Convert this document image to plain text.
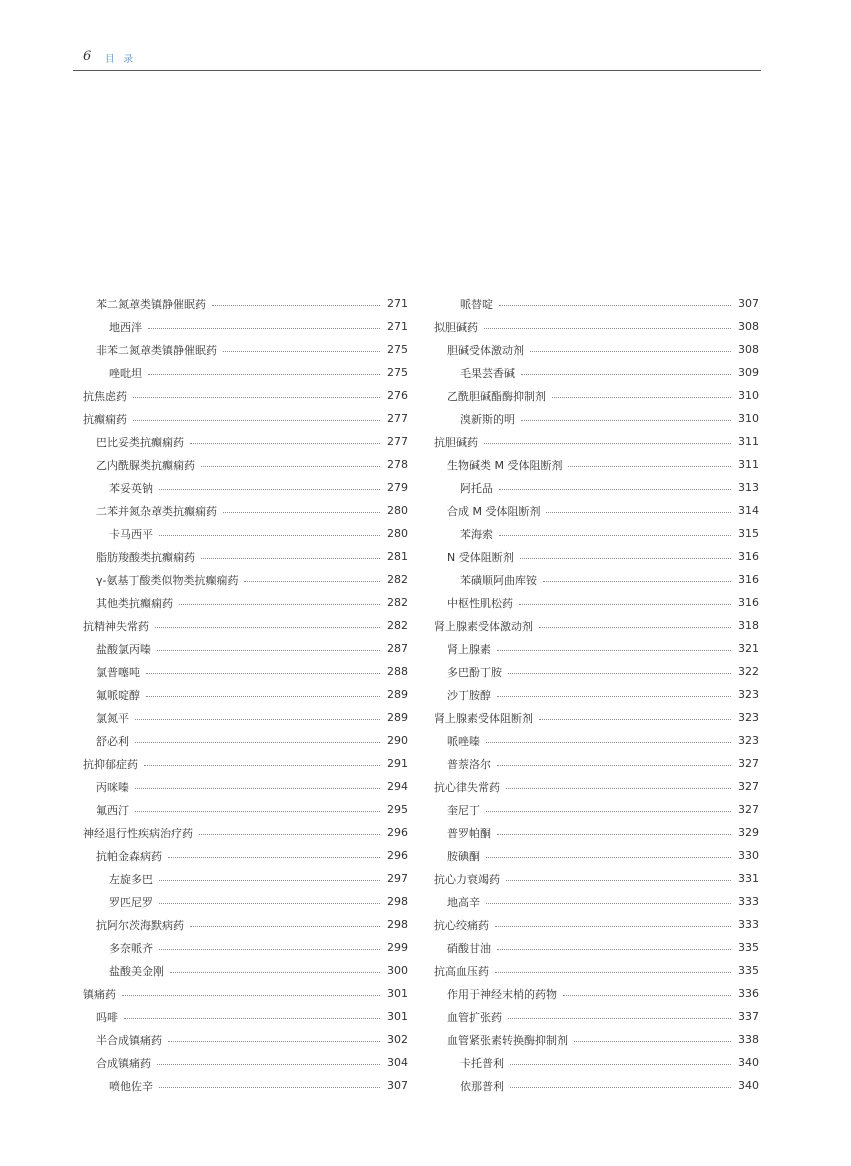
6 目 录
苯二氮䓬类镇静催眠药	271
地西泮	271
非苯二氮䓬类镇静催眠药	275
唑吡坦	275
抗焦虑药	276
抗癫痫药	277
巴比妥类抗癫痫药	277
乙内酰脲类抗癫痫药	278
苯妥英钠	279
二苯并氮杂䓬类抗癫痫药	280
卡马西平	280
脂肪羧酸类抗癫痫药	281
γ-氨基丁酸类似物类抗癫痫药	282
其他类抗癫痫药	282
抗精神失常药	282
盐酸氯丙嗪	287
氯普噻吨	288
氟哌啶醇	289
氯氮平	289
舒必利	290
抗抑郁症药	291
丙咪嗪	294
氟西汀	295
神经退行性疾病治疗药	296
抗帕金森病药	296
左旋多巴	297
罗匹尼罗	298
抗阿尔茨海默病药	298
多奈哌齐	299
盐酸美金刚	300
镇痛药	301
吗啡	301
半合成镇痛药	302
合成镇痛药	304
喷他佐辛	307
哌替啶	307
拟胆碱药	308
胆碱受体激动剂	308
毛果芸香碱	309
乙酰胆碱酯酶抑制剂	310
溴新斯的明	310
抗胆碱药	311
生物碱类 M 受体阻断剂	311
阿托品	313
合成 M 受体阻断剂	314
苯海索	315
N 受体阻断剂	316
苯磺顺阿曲库铵	316
中枢性肌松药	316
肾上腺素受体激动剂	318
肾上腺素	321
多巴酚丁胺	322
沙丁胺醇	323
肾上腺素受体阻断剂	323
哌唑嗪	323
普萘洛尔	327
抗心律失常药	327
奎尼丁	327
普罗帕酮	329
胺碘酮	330
抗心力衰竭药	331
地高辛	333
抗心绞痛药	333
硝酸甘油	335
抗高血压药	335
作用于神经末梢的药物	336
血管扩张药	337
血管紧张素转换酶抑制剂	338
卡托普利	340
依那普利	340
